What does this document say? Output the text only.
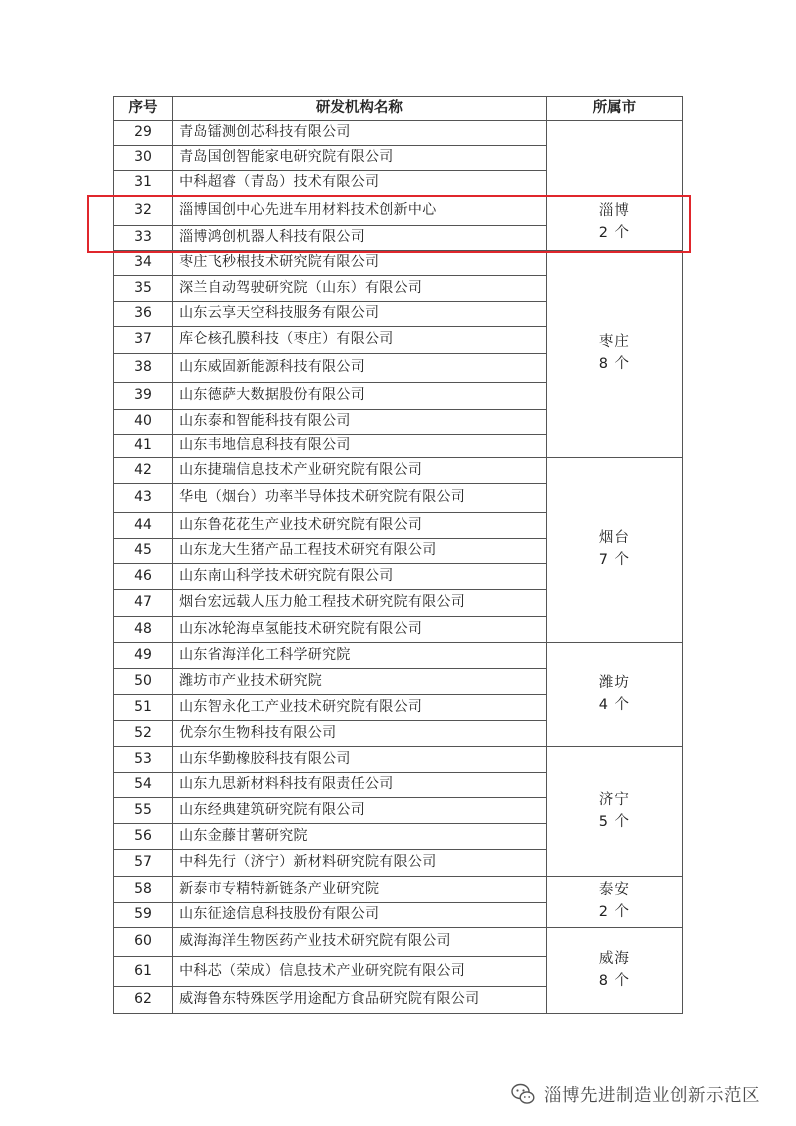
序号	研发机构名称	所属市
29	青岛镭测创芯科技有限公司	
30	青岛国创智能家电研究院有限公司	
31	中科超睿（青岛）技术有限公司	
32	淄博国创中心先进车用材料技术创新中心	淄博
2 个

33	淄博鸿创机器人科技有限公司	
34	枣庄飞秒根技术研究院有限公司	枣庄
8 个

35	深兰自动驾驶研究院（山东）有限公司	
36	山东云享天空科技服务有限公司	
37	库仑核孔膜科技（枣庄）有限公司	
38	山东威固新能源科技有限公司	
39	山东德萨大数据股份有限公司	
40	山东泰和智能科技有限公司	
41	山东韦地信息科技有限公司	
42	山东捷瑞信息技术产业研究院有限公司	烟台
7 个

43	华电（烟台）功率半导体技术研究院有限公司	
44	山东鲁花花生产业技术研究院有限公司	
45	山东龙大生猪产品工程技术研究有限公司	
46	山东南山科学技术研究院有限公司	
47	烟台宏远载人压力舱工程技术研究院有限公司	
48	山东冰轮海卓氢能技术研究院有限公司	
49	山东省海洋化工科学研究院	潍坊
4 个

50	潍坊市产业技术研究院	
51	山东智永化工产业技术研究院有限公司	
52	优奈尔生物科技有限公司	
53	山东华勤橡胶科技有限公司	济宁
5 个

54	山东九思新材料科技有限责任公司	
55	山东经典建筑研究院有限公司	
56	山东金藤甘薯研究院	
57	中科先行（济宁）新材料研究院有限公司	
58	新泰市专精特新链条产业研究院	泰安
2 个

59	山东征途信息科技股份有限公司	
60	威海海洋生物医药产业技术研究院有限公司	威海
8 个

61	中科芯（荣成）信息技术产业研究院有限公司	
62	威海鲁东特殊医学用途配方食品研究院有限公司	
淄博先进制造业创新示范区
